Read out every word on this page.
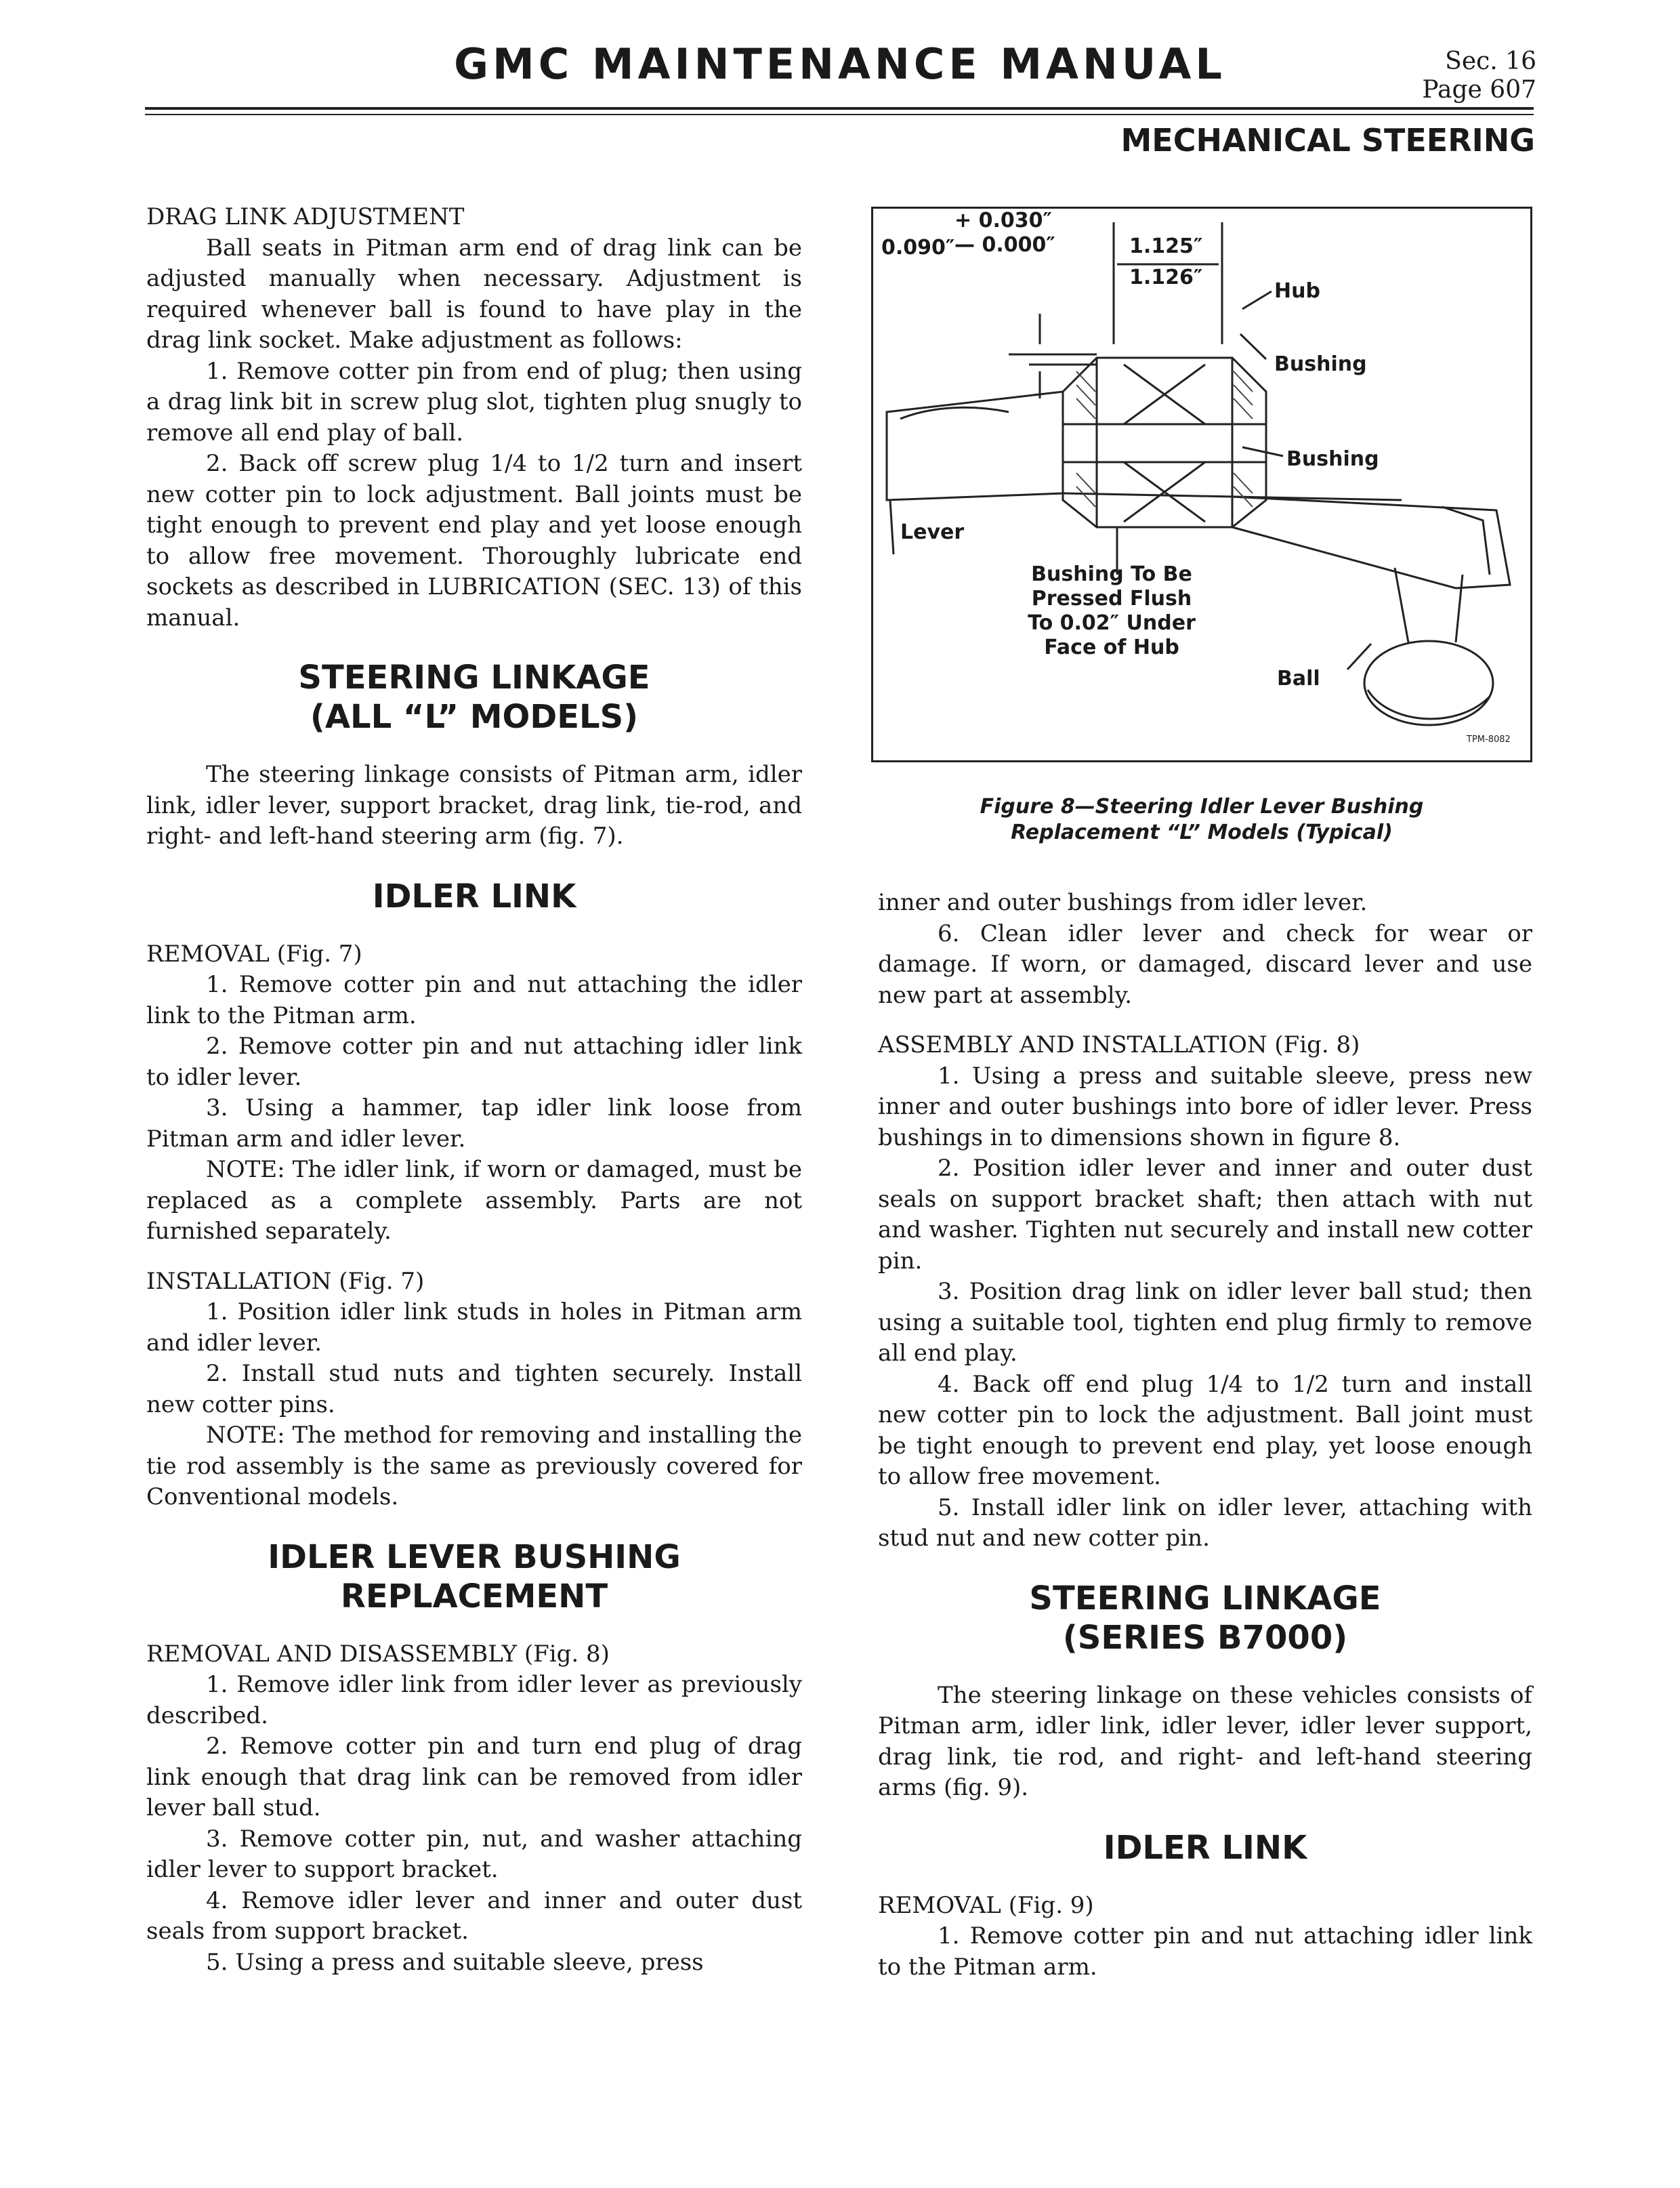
GMC MAINTENANCE MANUAL	Sec. 16
Page 607
MECHANICAL STEERING

DRAG LINK ADJUSTMENT

Ball seats in Pitman arm end of drag link can be adjusted manually when necessary. Adjustment is required whenever ball is found to have play in the drag link socket. Make adjustment as follows:

1. Remove cotter pin from end of plug; then using a drag link bit in screw plug slot, tighten plug snugly to remove all end play of ball.

2. Back off screw plug 1/4 to 1/2 turn and insert new cotter pin to lock adjustment. Ball joints must be tight enough to prevent end play and yet loose enough to allow free movement. Thoroughly lubricate end sockets as described in LUBRICATION (SEC. 13) of this manual.

STEERING LINKAGE
(ALL “L” MODELS)

The steering linkage consists of Pitman arm, idler link, idler lever, support bracket, drag link, tie-rod, and right- and left-hand steering arm (fig. 7).

IDLER LINK

REMOVAL (Fig. 7)

1. Remove cotter pin and nut attaching the idler link to the Pitman arm.

2. Remove cotter pin and nut attaching idler link to idler lever.

3. Using a hammer, tap idler link loose from Pitman arm and idler lever.

NOTE: The idler link, if worn or damaged, must be replaced as a complete assembly. Parts are not furnished separately.

INSTALLATION (Fig. 7)

1. Position idler link studs in holes in Pitman arm and idler lever.

2. Install stud nuts and tighten securely. Install new cotter pins.

NOTE: The method for removing and installing the tie rod assembly is the same as previously covered for Conventional models.

IDLER LEVER BUSHING
REPLACEMENT

REMOVAL AND DISASSEMBLY (Fig. 8)

1. Remove idler link from idler lever as previously described.

2. Remove cotter pin and turn end plug of drag link enough that drag link can be removed from idler lever ball stud.

3. Remove cotter pin, nut, and washer attaching idler lever to support bracket.

4. Remove idler lever and inner and outer dust seals from support bracket.

5. Using a press and suitable sleeve, press

0.090″
+ 0.030″
— 0.000″	1.125″
1.126″
Hub
Bushing
Bushing
Lever
Bushing To Be
Pressed Flush
To 0.02″ Under
Face of Hub
Ball
TPM-8082
Figure 8—Steering Idler Lever Bushing
Replacement “L” Models (Typical)

inner and outer bushings from idler lever.

6. Clean idler lever and check for wear or damage. If worn, or damaged, discard lever and use new part at assembly.

ASSEMBLY AND INSTALLATION (Fig. 8)

1. Using a press and suitable sleeve, press new inner and outer bushings into bore of idler lever. Press bushings in to dimensions shown in figure 8.

2. Position idler lever and inner and outer dust seals on support bracket shaft; then attach with nut and washer. Tighten nut securely and install new cotter pin.

3. Position drag link on idler lever ball stud; then using a suitable tool, tighten end plug firmly to remove all end play.

4. Back off end plug 1/4 to 1/2 turn and install new cotter pin to lock the adjustment. Ball joint must be tight enough to prevent end play, yet loose enough to allow free movement.

5. Install idler link on idler lever, attaching with stud nut and new cotter pin.

STEERING LINKAGE
(SERIES B7000)

The steering linkage on these vehicles consists of Pitman arm, idler link, idler lever, idler lever support, drag link, tie rod, and right- and left-hand steering arms (fig. 9).

IDLER LINK

REMOVAL (Fig. 9)

1. Remove cotter pin and nut attaching idler link to the Pitman arm.
